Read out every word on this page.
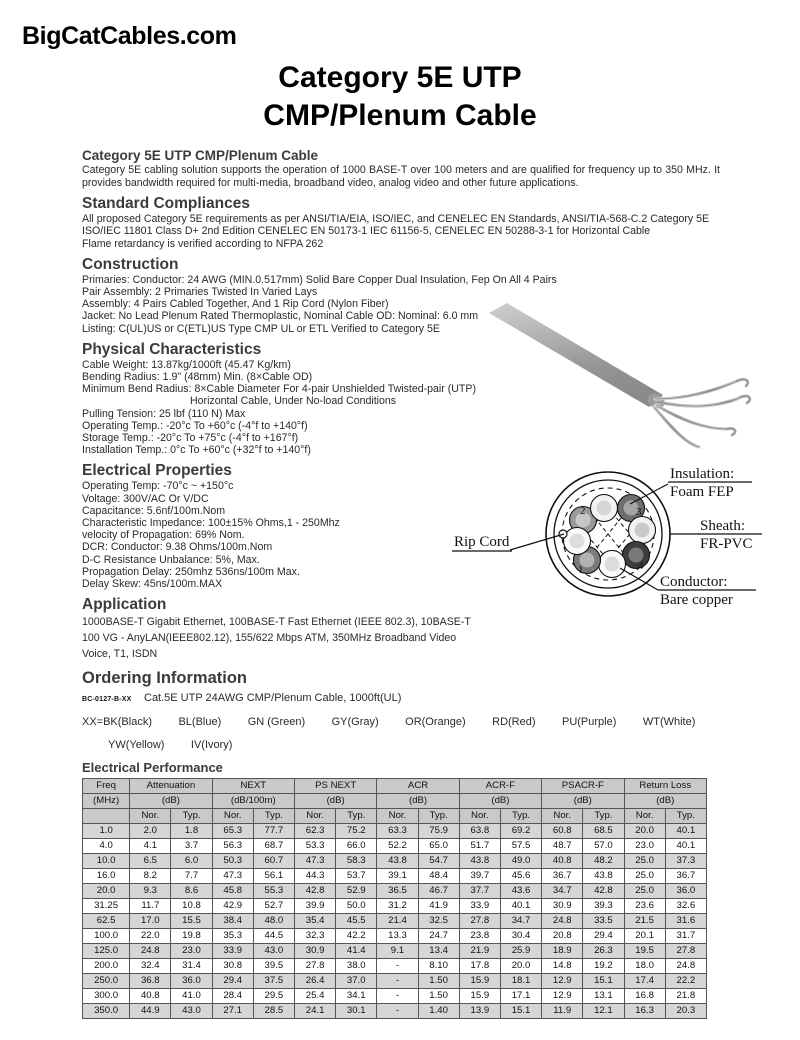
BigCatCables.com
Category 5E UTP
CMP/Plenum Cable
2	3
4
1
Insulation:
Foam FEP
Sheath:
FR-PVC
Conductor:
Bare copper
Rip Cord
Category 5E UTP CMP/Plenum Cable

Category 5E cabling solution supports the operation of 1000 BASE-T over 100 meters and are qualified for frequency up to 350 MHz. It provides bandwidth required for multi-media, broadband video, analog video and other future applications.

Standard Compliances
All proposed Category 5E requirements as per ANSI/TIA/EIA, ISO/IEC, and CENELEC EN Standards, ANSI/TIA-568-C.2 Category 5E
ISO/IEC 11801 Class D+ 2nd Edition CENELEC EN 50173-1 IEC 61156-5, CENELEC EN 50288-3-1 for Horizontal Cable
Flame retardancy is verified according to NFPA 262
Construction
Primaries: Conductor: 24 AWG (MIN.0.517mm) Solid Bare Copper Dual Insulation, Fep On All 4 Pairs
Pair Assembly: 2 Primaries Twisted In Varied Lays
Assembly: 4 Pairs Cabled Together, And 1 Rip Cord (Nylon Fiber)
Jacket: No Lead Plenum Rated Thermoplastic, Nominal Cable OD: Nominal: 6.0 mm
Listing: C(UL)US or C(ETL)US Type CMP UL or ETL Verified to Category 5E
Physical Characteristics
Cable Weight: 13.87kg/1000ft (45.47 Kg/km)
Bending Radius: 1.9" (48mm) Min. (8×Cable OD)
Minimum Bend Radius: 8×Cable Diameter For 4-pair Unshielded Twisted-pair (UTP)
Horizontal Cable, Under No-load Conditions
Pulling Tension: 25 lbf (110 N) Max
Operating Temp.: -20°c To +60°c (-4°f to +140°f)
Storage Temp.: -20°c To +75°c (-4°f to +167°f)
Installation Temp.: 0°c To +60°c (+32°f to +140°f)
Electrical Properties
Operating Temp: -70°c ~ +150°c
Voltage: 300V/AC Or V/DC
Capacitance: 5.6nf/100m.Nom
Characteristic Impedance: 100±15% Ohms,1 - 250Mhz
velocity of Propagation: 69% Nom.
DCR: Conductor: 9.38 Ohms/100m.Nom
D-C Resistance Unbalance: 5%, Max.
Propagation Delay: 250mhz 536ns/100m Max.
Delay Skew: 45ns/100m.MAX
Application
1000BASE-T Gigabit Ethernet, 100BASE-T Fast Ethernet (IEEE 802.3), 10BASE-T
100 VG - AnyLAN(IEEE802.12), 155/622 Mbps ATM, 350MHz Broadband Video
Voice, T1, ISDN
Ordering Information
BC-0127-B-XX Cat.5E UTP 24AWG CMP/Plenum Cable, 1000ft(UL)
XX=BK(Black) BL(Blue) GN (Green) GY(Gray) OR(Orange) RD(Red) PU(Purple) WT(White)
YW(Yellow) IV(Ivory)
Electrical Performance
Freq	Attenuation		NEXT		PS NEXT		ACR		ACR-F		PSACR-F		Return Loss	
(MHz)	(dB)		(dB/100m)		(dB)		(dB)		(dB)		(dB)		(dB)	
	Nor.	Typ.	Nor.	Typ.	Nor.	Typ.	Nor.	Typ.	Nor.	Typ.	Nor.	Typ.	Nor.	Typ.
1.0	2.0	1.8	65.3	77.7	62.3	75.2	63.3	75.9	63.8	69.2	60.8	68.5	20.0	40.1
4.0	4.1	3.7	56.3	68.7	53.3	66.0	52.2	65.0	51.7	57.5	48.7	57.0	23.0	40.1
10.0	6.5	6.0	50.3	60.7	47.3	58.3	43.8	54.7	43.8	49.0	40.8	48.2	25.0	37.3
16.0	8.2	7.7	47.3	56.1	44.3	53.7	39.1	48.4	39.7	45.6	36.7	43.8	25.0	36.7
20.0	9.3	8.6	45.8	55.3	42.8	52.9	36.5	46.7	37.7	43.6	34.7	42.8	25.0	36.0
31.25	11.7	10.8	42.9	52.7	39.9	50.0	31.2	41.9	33.9	40.1	30.9	39.3	23.6	32.6
62.5	17.0	15.5	38.4	48.0	35.4	45.5	21.4	32.5	27.8	34.7	24.8	33.5	21.5	31.6
100.0	22.0	19.8	35.3	44.5	32.3	42.2	13.3	24.7	23.8	30.4	20.8	29.4	20.1	31.7
125.0	24.8	23.0	33.9	43.0	30.9	41.4	9.1	13.4	21.9	25.9	18.9	26.3	19.5	27.8
200.0	32.4	31.4	30.8	39.5	27.8	38.0	-	8.10	17.8	20.0	14.8	19.2	18.0	24.8
250.0	36.8	36.0	29.4	37.5	26.4	37.0	-	1.50	15.9	18.1	12.9	15.1	17.4	22.2
300.0	40.8	41.0	28.4	29.5	25.4	34.1	-	1.50	15.9	17.1	12.9	13.1	16.8	21.8
350.0	44.9	43.0	27.1	28.5	24.1	30.1	-	1.40	13.9	15.1	11.9	12.1	16.3	20.3
